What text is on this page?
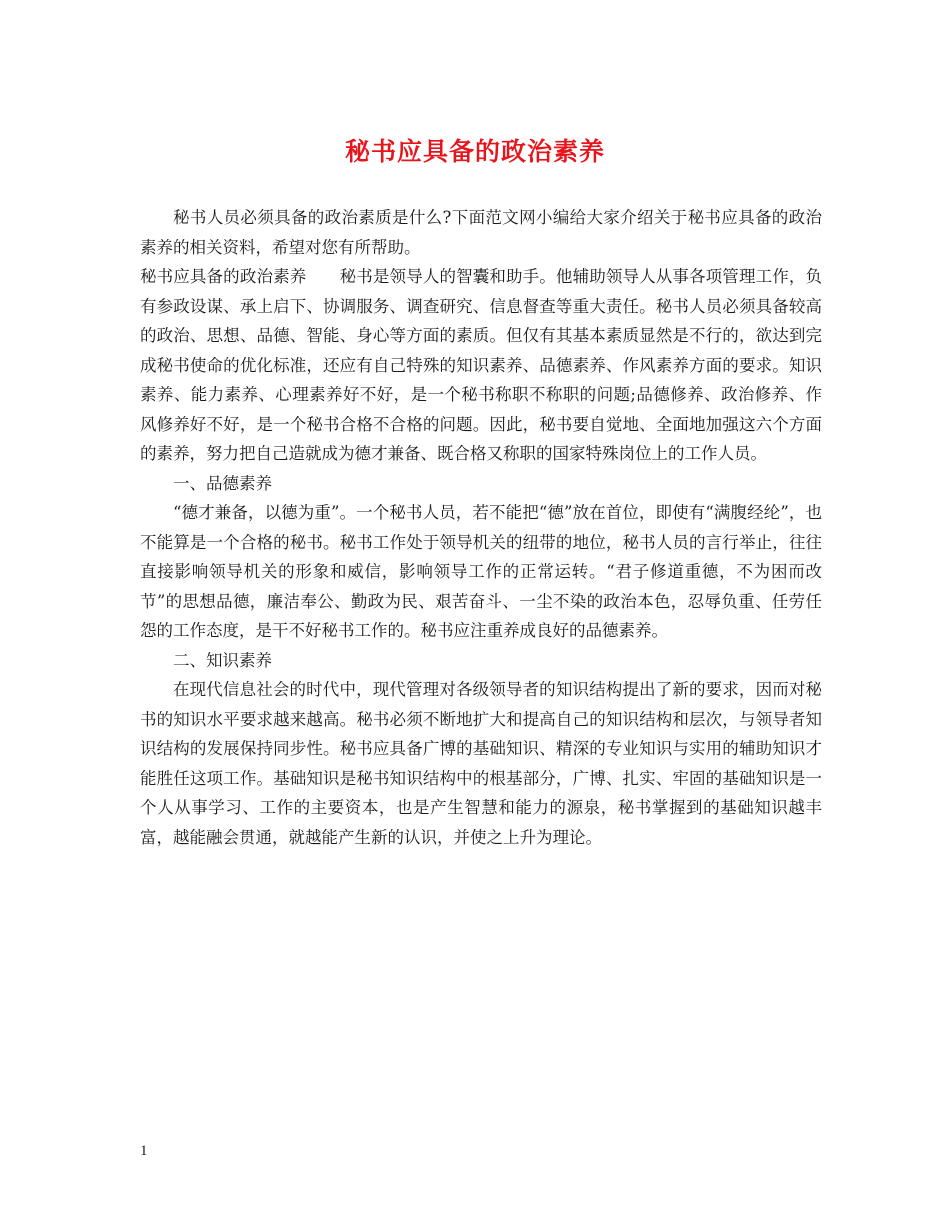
秘书应具备的政治素养

秘书人员必须具备的政治素质是什么?下面范文网小编给大家介绍关于秘书应具备的政治素养的相关资料，希望对您有所帮助。

秘书应具备的政治素养　　秘书是领导人的智囊和助手。他辅助领导人从事各项管理工作，负有参政设谋、承上启下、协调服务、调查研究、信息督查等重大责任。秘书人员必须具备较高的政治、思想、品德、智能、身心等方面的素质。但仅有其基本素质显然是不行的，欲达到完成秘书使命的优化标准，还应有自己特殊的知识素养、品德素养、作风素养方面的要求。知识素养、能力素养、心理素养好不好，是一个秘书称职不称职的问题;品德修养、政治修养、作风修养好不好，是一个秘书合格不合格的问题。因此，秘书要自觉地、全面地加强这六个方面的素养，努力把自己造就成为德才兼备、既合格又称职的国家特殊岗位上的工作人员。

一、品德素养

“德才兼备，以德为重”。一个秘书人员，若不能把“德”放在首位，即使有“满腹经纶”，也不能算是一个合格的秘书。秘书工作处于领导机关的纽带的地位，秘书人员的言行举止，往往直接影响领导机关的形象和威信，影响领导工作的正常运转。“君子修道重德，不为困而改节”的思想品德，廉洁奉公、勤政为民、艰苦奋斗、一尘不染的政治本色，忍辱负重、任劳任怨的工作态度，是干不好秘书工作的。秘书应注重养成良好的品德素养。

二、知识素养

在现代信息社会的时代中，现代管理对各级领导者的知识结构提出了新的要求，因而对秘书的知识水平要求越来越高。秘书必须不断地扩大和提高自己的知识结构和层次，与领导者知识结构的发展保持同步性。秘书应具备广博的基础知识、精深的专业知识与实用的辅助知识才能胜任这项工作。基础知识是秘书知识结构中的根基部分，广博、扎实、牢固的基础知识是一个人从事学习、工作的主要资本，也是产生智慧和能力的源泉，秘书掌握到的基础知识越丰富，越能融会贯通，就越能产生新的认识，并使之上升为理论。

1
